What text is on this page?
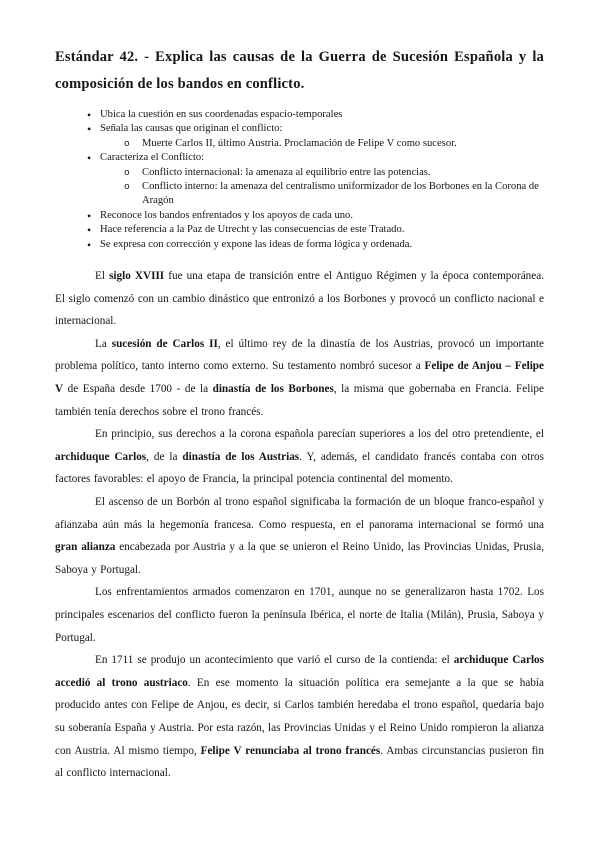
Estándar 42. - Explica las causas de la Guerra de Sucesión Española y la composición de los bandos en conflicto.
• Ubica la cuestión en sus coordenadas espacio-temporales
• Señala las causas que originan el conflicto:
o Muerte Carlos II, último Austria. Proclamación de Felipe V como sucesor.
• Caracteriza el Conflicto:
o Conflicto internacional: la amenaza al equilibrio entre las potencias.
o Conflicto interno: la amenaza del centralismo uniformizador de los Borbones en la Corona de Aragón
• Reconoce los bandos enfrentados y los apoyos de cada uno.
• Hace referencia a la Paz de Utrecht y las consecuencias de este Tratado.
• Se expresa con corrección y expone las ideas de forma lógica y ordenada.

El siglo XVIII fue una etapa de transición entre el Antiguo Régimen y la época contemporánea. El siglo comenzó con un cambio dinástico que entronizó a los Borbones y provocó un conflicto nacional e internacional.

La sucesión de Carlos II, el último rey de la dinastía de los Austrias, provocó un importante problema político, tanto interno como externo. Su testamento nombró sucesor a Felipe de Anjou – Felipe V de España desde 1700 - de la dinastía de los Borbones, la misma que gobernaba en Francia. Felipe también tenía derechos sobre el trono francés.

En principio, sus derechos a la corona española parecían superiores a los del otro pretendiente, el archiduque Carlos, de la dinastía de los Austrias. Y, además, el candidato francés contaba con otros factores favorables: el apoyo de Francia, la principal potencia continental del momento.

El ascenso de un Borbón al trono español significaba la formación de un bloque franco-español y afianzaba aún más la hegemonía francesa. Como respuesta, en el panorama internacional se formó una gran alianza encabezada por Austria y a la que se unieron el Reino Unido, las Provincias Unidas, Prusia, Saboya y Portugal.

Los enfrentamientos armados comenzaron en 1701, aunque no se generalizaron hasta 1702. Los principales escenarios del conflicto fueron la península Ibérica, el norte de Italia (Milán), Prusia, Saboya y Portugal.

En 1711 se produjo un acontecimiento que varió el curso de la contienda: el archiduque Carlos accedió al trono austriaco. En ese momento la situación política era semejante a la que se había producido antes con Felipe de Anjou, es decir, si Carlos también heredaba el trono español, quedaría bajo su soberanía España y Austria. Por esta razón, las Provincias Unidas y el Reino Unido rompieron la alianza con Austria. Al mismo tiempo, Felipe V renunciaba al trono francés. Ambas circunstancias pusieron fin al conflicto internacional.
